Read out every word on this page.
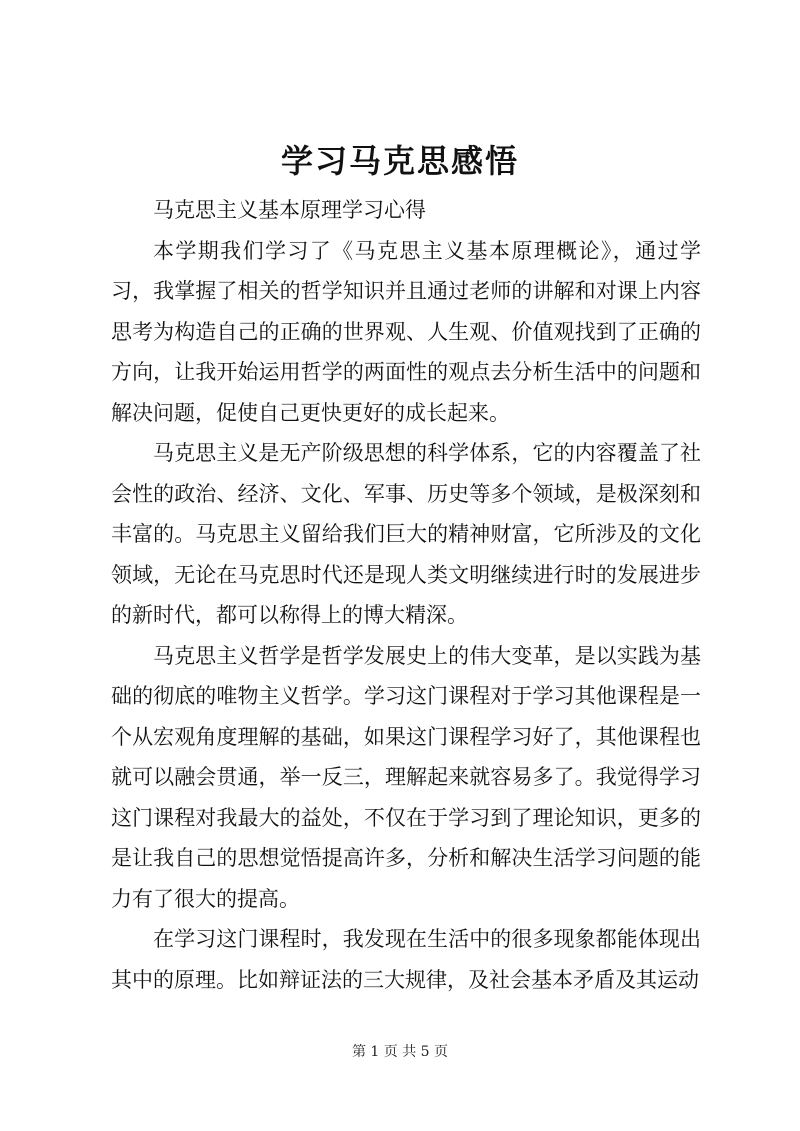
学习马克思感悟
马克思主义基本原理学习心得

本学期我们学习了《马克思主义基本原理概论》，通过学习，我掌握了相关的哲学知识并且通过老师的讲解和对课上内容思考为构造自己的正确的世界观、人生观、价值观找到了正确的方向，让我开始运用哲学的两面性的观点去分析生活中的问题和解决问题，促使自己更快更好的成长起来。

马克思主义是无产阶级思想的科学体系，它的内容覆盖了社会性的政治、经济、文化、军事、历史等多个领域，是极深刻和丰富的。马克思主义留给我们巨大的精神财富，它所涉及的文化领域，无论在马克思时代还是现人类文明继续进行时的发展进步的新时代，都可以称得上的博大精深。

马克思主义哲学是哲学发展史上的伟大变革，是以实践为基础的彻底的唯物主义哲学。学习这门课程对于学习其他课程是一个从宏观角度理解的基础，如果这门课程学习好了，其他课程也就可以融会贯通，举一反三，理解起来就容易多了。我觉得学习这门课程对我最大的益处，不仅在于学习到了理论知识，更多的是让我自己的思想觉悟提高许多，分析和解决生活学习问题的能力有了很大的提高。

在学习这门课程时，我发现在生活中的很多现象都能体现出其中的原理。比如辩证法的三大规律，及社会基本矛盾及其运动

第 1 页 共 5 页
